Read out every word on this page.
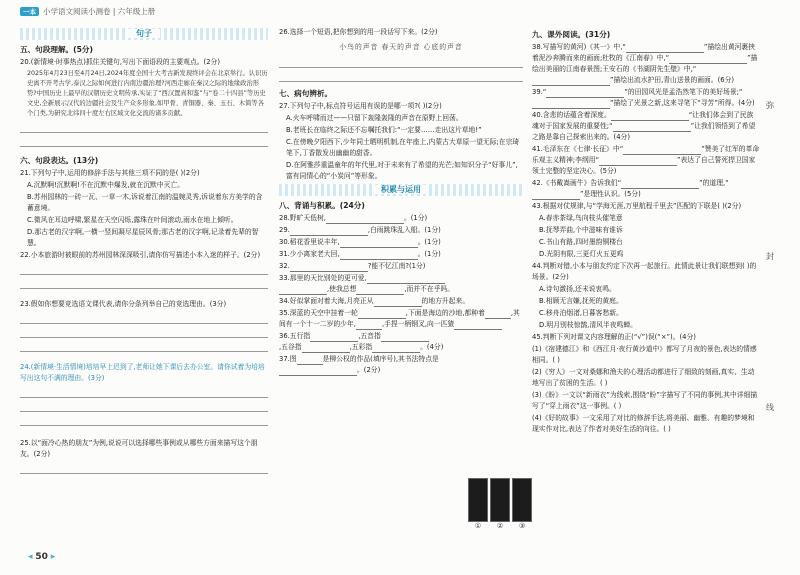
一本 小学语文阅读小测卷 | 六年级上册
句子
五、句段理解。(5分)
20.(新情境·时事热点)抓住关键句,写出下面语段的主要观点。(2分)
2025年4月23日至4月24日,2024年度全国十大考古新发现终评会在北京举行。认识历史离不开考古学,泰汉之际如何进行内南边疆治理?河西走廊在秦汉之际的地缘政治形势?中国历史上最早的汉朝历史文明传承,实证了“西汉置真和鉴”与“卷二十四县”等历史文史,全新展示汉代的边疆社会及生产众多形象,如甲骨、青铜器、秦、玉石、木简等各个门类,为研究北纬四十度左右区域文化交流的诸多贡献。
六、句段表达。(13分)
21.下列句子中,运用的修辞手法与其他三项不同的是( )(2分)
A.沉默啊!沉默啊!不在沉默中爆发,就在沉默中灭亡。
B.苏州园林的一砖一瓦、一草一木,诉说着江南的温婉灵秀,诉说着东方美学的含蓄意境。
C.微风在耳边呼啸,繁星在天空闪烁,露珠在叶间滚动,雨水在地上倾听。
D.那古老的汉字啊,一横一竖间凝尽星辰风骨;那古老的汉字啊,记录着先辈的智慧。
22.小本旅游时被眼前的苏州园林深深吸引,请你仿写描述小本入迷的样子。(2分)
23.假如你想要竞选语文课代表,请你分条列举自己的竞选理由。(3分)
24.(新情境·生活情境)培培早上迟到了,老师让她下课后去办公室。请你试着为培培写出这句不满的理由。(3分)
25.以“面冷心热的朋友”为例,说说可以选择哪些事例或从哪些方面来描写这个朋友。(2分)
26.选择一个短语,把你想到的用一段话写下来。(2分)
小鸟的声音 春天的声音 心底的声音
七、病句辨析。
27.下列句子中,标点符号运用有误的是哪一项?( )(2分)
A.火车呼啸而过——只留下轰隆轰隆的声音在原野上回荡。
B.老班长在临终之际还不忘嘱托我们:“一定要……走出这片草地!”
C.在傍晚夕阳西下,少年同土晒明机制,在年座上,内蒙古大草原一望无际;在宗琦笔下,丁香散发出幽幽的甜香。
D.在阿雅莎重温童年的年代里,对于未来有了希望的光芒;如知识分子“好事儿”,富有同情心的“小炭问”等形象。
积累与运用
八、背诵与积累。(24分)
28.野旷天低树,	。(1分)
29.	,白雨跳珠乱入船。(1分)
30.稻花香里说丰年,	。(1分)
31.少小离家老大回,	。(1分)
32.	?能不忆江南?(1分)
33.那里的天比别处的更可爱,
,使我总想	,而并不在乎吗。
34.好似掌面对着大海,月亮正从	的地方升起来。
35.深蓝的天空中挂着一轮	,下面是海边的沙地,都种着	,其间有一个十一二岁的少年,	,手捏一柄钢叉,向一匹猹
36.五行指	,五音指
,五谷指	,五彩指	。(4分)
37.图	是柳公权的作品(填序号),其书法特点是。(2分)
①	②	③
九、课外阅读。(31分)
38.写描写的黄河)《其一》中,“	”描绘出黄河裹挟着泥沙奔腾而来的画面;杜牧的《江南春》中,“	”描绘出美丽的江南春景图;王安石的《书湖阴先生壁》中,“”描绘出流水护田,青山送景的画面。(6分)
39.“	”的田园风光是孟浩然笔下的美好场景;“”描绘了光景之新,这来寻笔下“寻芳”所得。(4分)
40.含悲的话蕴含着深度。	“让我们体会到了民族魂对于国家发展的重要性;“	”让我们领悟到了希望之路是靠自己探索出来的。(4分)
41.毛泽东在《七律·长征》中“	”赞美了红军的革命乐观主义精神;李纲用“	”表达了自己誓死捍卫国家领土完整的坚定决心。(5分)
42.《书戴嵩画牛》告诉我们“	”的道理,“”是理性认识。(5分)
43.根据对仗规律,与“学海无涯,万里航程千里去”匹配的下联是( )(2分)
A.春赤茶绿,鸟向枝头催笔意
B.抚琴弄曲,个中滋味有谁诉
C.书山有路,四时墨韵铜楼台
D.光阴有限,三更灯火五更鸡
44.判断对错,小本与朋友约定下次再一起旅行。此情此景让我们联想到( )的场景。(2分)
A.诗句激扬,还未说衷鸣。
B.相顾无言嫌,抚死的黄庭。
C.移舟泊烟渚,日暮客愁新。
D.明月别枝惊鹊,清风半夜鸣蝉。
45.判断下列对课文内容理解的正(“√”)误(“×”)。(4分)
(1)《宿建德江》和《西江月·夜行黄沙道中》都写了月夜的景色,表达的情感相同。( )
(2)《穷人》一文对桑娜和渔夫的心理活动都进行了细致的刻画,真实、生动地写出了贫困的生活。( )
(3)《盼》一文以“新雨衣”为线索,围绕“盼”字描写了不同的事例,其中详细描写了“穿上雨衣”这一事例。( )
(4)《好的故事》一文采用了对比的修辞手法,将美丽、幽雅、有趣的梦境和现实作对比,表达了作者对美好生活的向往。( )
弥
封
线
◂ 50 ▸
